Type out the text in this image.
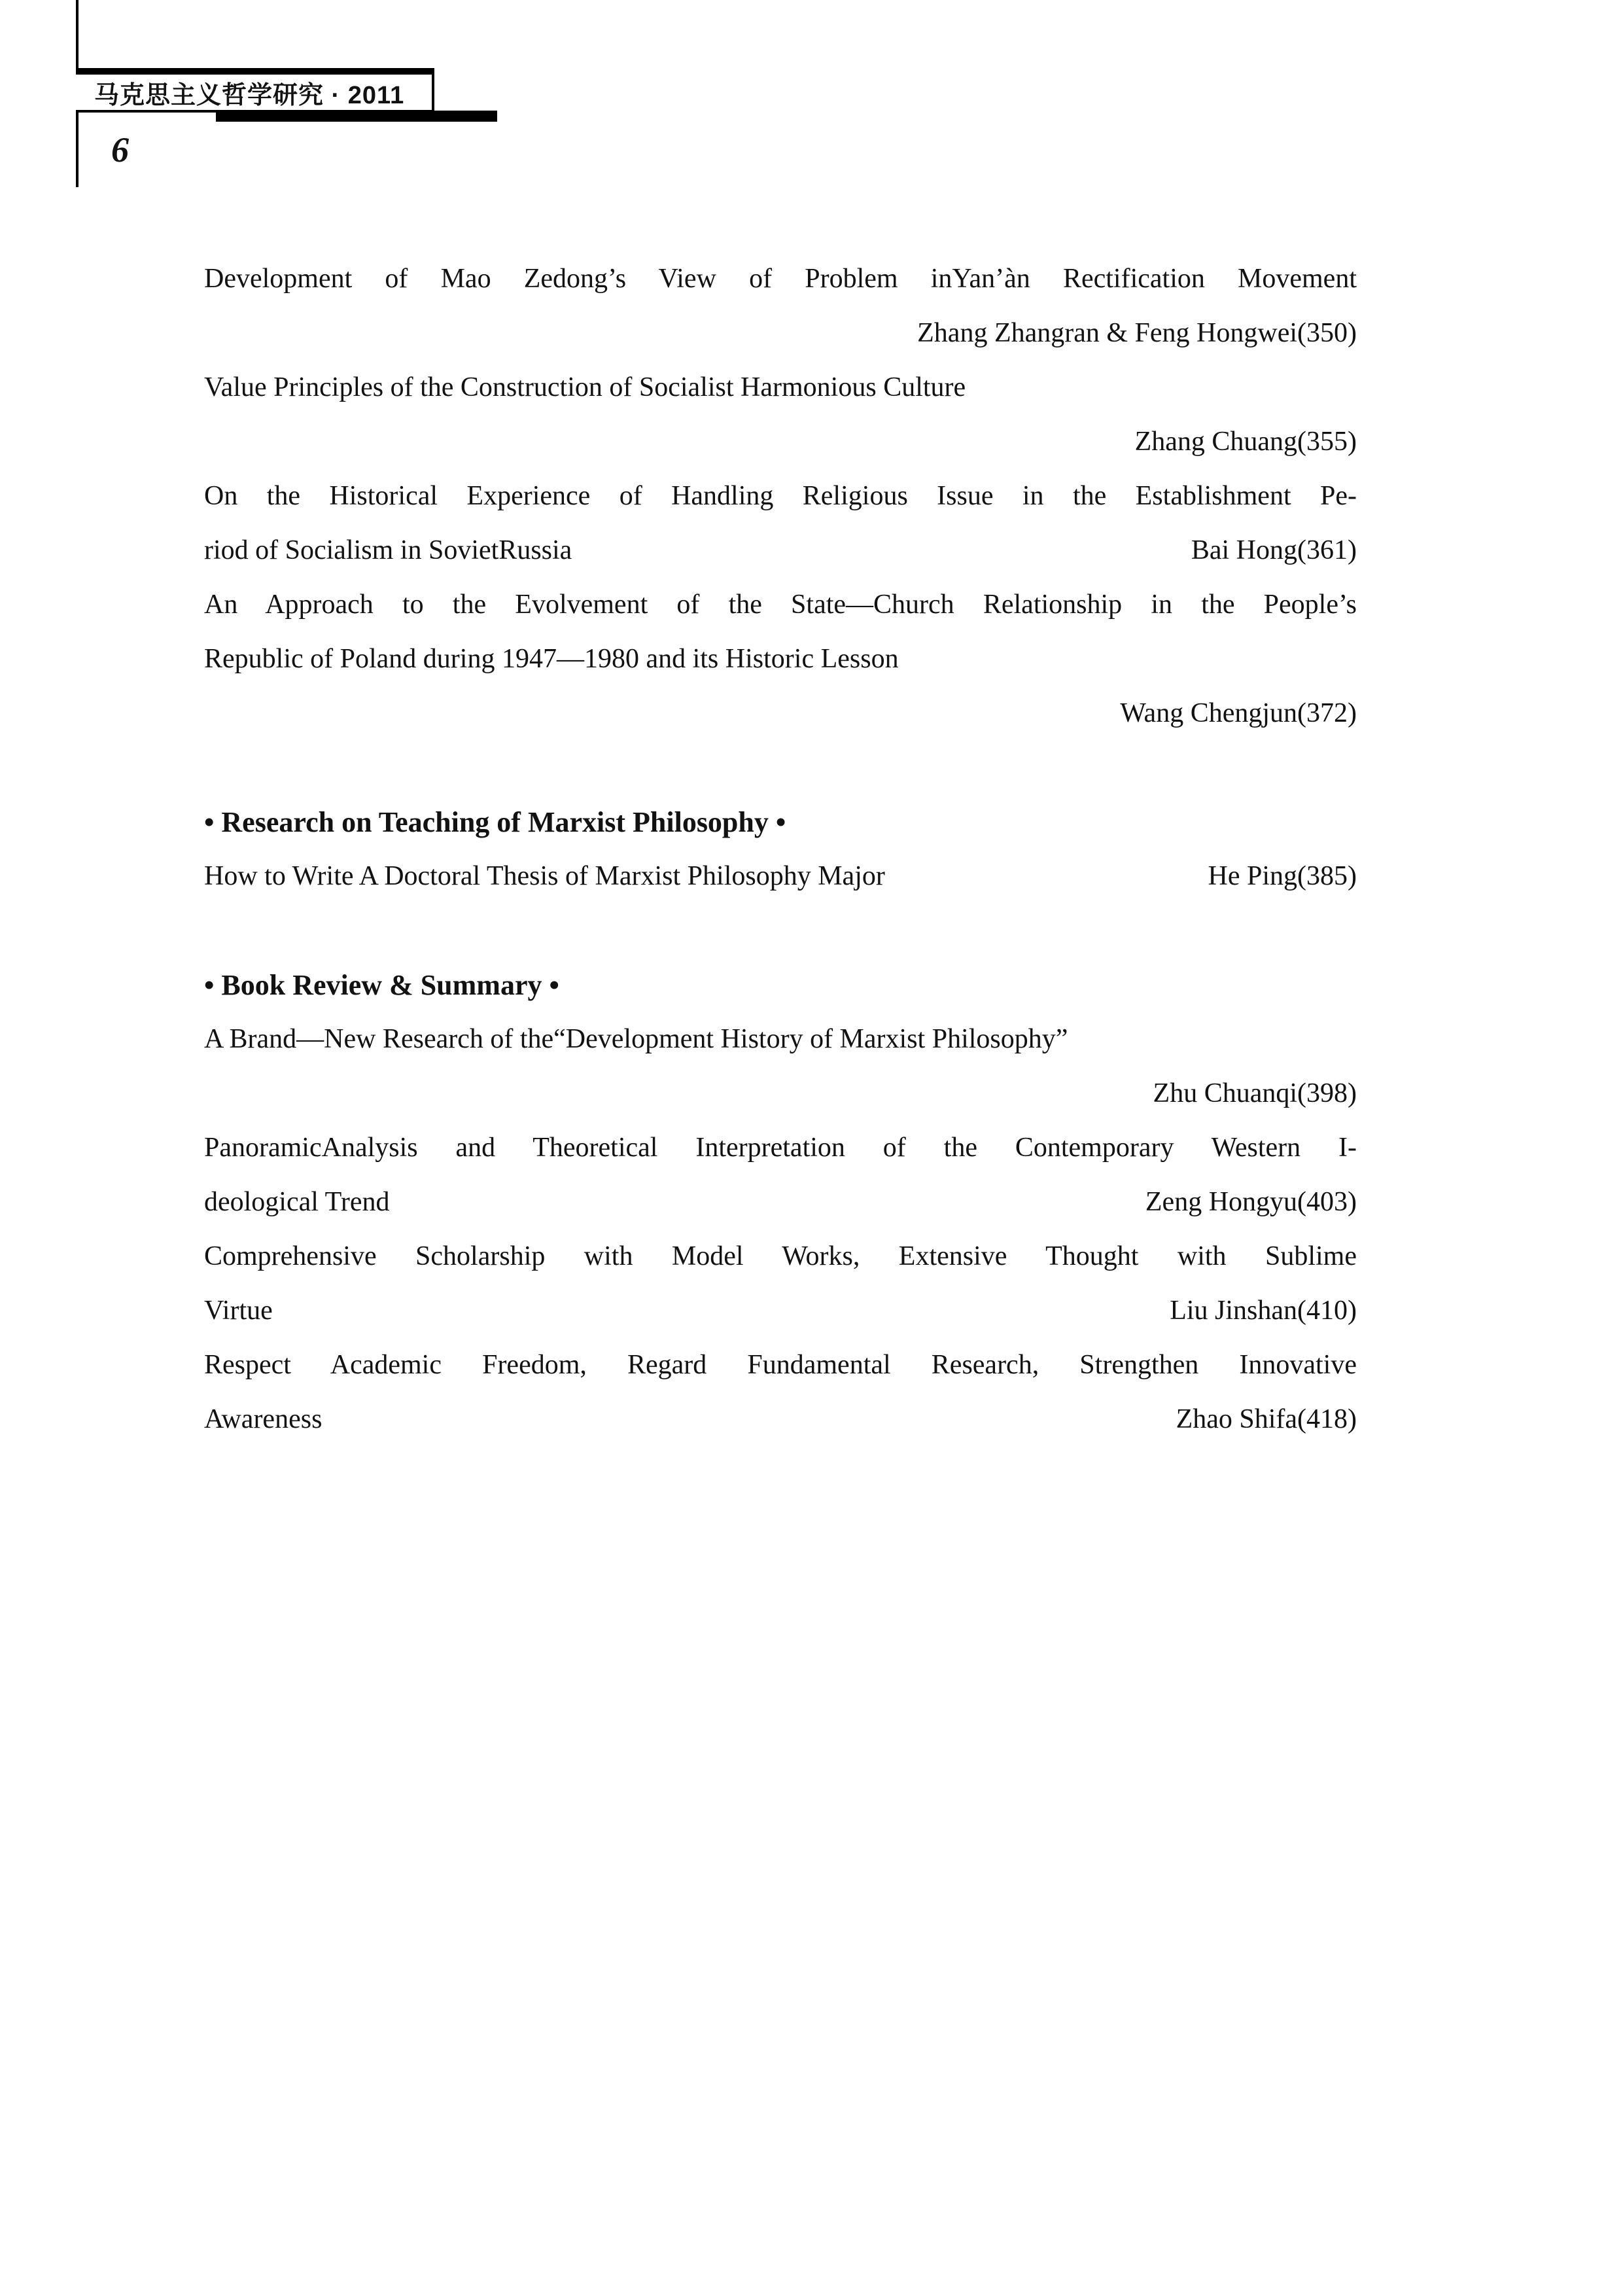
马克思主义哲学研究 · 2011
6
Development of Mao Zedong’s View of Problem inYan’àn Rectification Movement
Zhang Zhangran & Feng Hongwei(350)
Value Principles of the Construction of Socialist Harmonious Culture
Zhang Chuang(355)
On the Historical Experience of Handling Religious Issue in the Establishment Pe-
riod of Socialism in SovietRussia	Bai Hong(361)
An Approach to the Evolvement of the State—Church Relationship in the People’s
Republic of Poland during 1947—1980 and its Historic Lesson
Wang Chengjun(372)
• Research on Teaching of Marxist Philosophy •
How to Write A Doctoral Thesis of Marxist Philosophy Major	He Ping(385)
• Book Review & Summary •
A Brand—New Research of the“Development History of Marxist Philosophy”
Zhu Chuanqi(398)
PanoramicAnalysis and Theoretical Interpretation of the Contemporary Western I-
deological Trend	Zeng Hongyu(403)
Comprehensive Scholarship with Model Works, Extensive Thought with Sublime
Virtue	Liu Jinshan(410)
Respect Academic Freedom, Regard Fundamental Research, Strengthen Innovative
Awareness	Zhao Shifa(418)
